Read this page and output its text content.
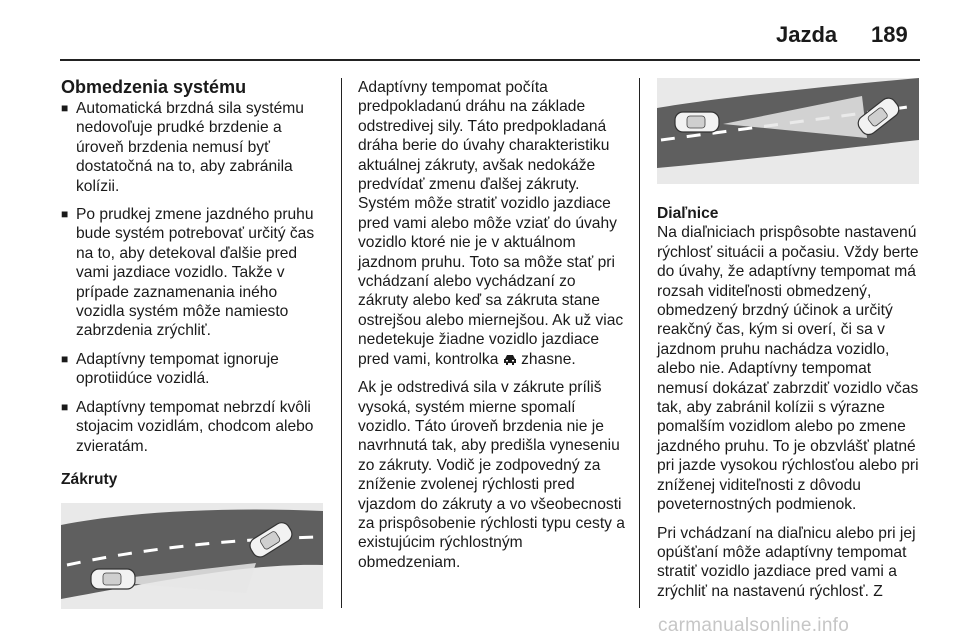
Jazda 189
Obmedzenia systému
■ Automatická brzdná sila systému nedovoľuje prudké brzdenie a úroveň brzdenia nemusí byť dostatočná na to, aby zabránila kolízii.
■ Po prudkej zmene jazdného pruhu bude systém potrebovať určitý čas na to, aby detekoval ďalšie pred vami jazdiace vozidlo. Takže v prípade zaznamenania iného vozidla systém môže namiesto zabrzdenia zrýchliť.
■ Adaptívny tempomat ignoruje oprotiidúce vozidlá.
■ Adaptívny tempomat nebrzdí kvôli stojacim vozidlám, chodcom alebo zvieratám.
Zákruty

Adaptívny tempomat počíta predpokladanú dráhu na základe odstredivej sily. Táto predpokladaná dráha berie do úvahy charakteristiku aktuálnej zákruty, avšak nedokáže predvídať zmenu ďalšej zákruty. Systém môže stratiť vozidlo jazdiace pred vami alebo môže vziať do úvahy vozidlo ktoré nie je v aktuálnom jazdnom pruhu. Toto sa môže stať pri vchádzaní alebo vychádzaní zo zákruty alebo keď sa zákruta stane ostrejšou alebo miernejšou. Ak už viac nedetekuje žiadne vozidlo jazdiace pred vami, kontrolka zhasne.

Ak je odstredivá sila v zákrute príliš vysoká, systém mierne spomalí vozidlo. Táto úroveň brzdenia nie je navrhnutá tak, aby predišla vyneseniu zo zákruty. Vodič je zodpovedný za zníženie zvolenej rýchlosti pred vjazdom do zákruty a vo všeobecnosti za prispôsobenie rýchlosti typu cesty a existujúcim rýchlostným obmedzeniam.

Diaľnice

Na diaľniciach prispôsobte nastavenú rýchlosť situácii a počasiu. Vždy berte do úvahy, že adaptívny tempomat má rozsah viditeľnosti obmedzený, obmedzený brzdný účinok a určitý reakčný čas, kým si overí, či sa v jazdnom pruhu nachádza vozidlo, alebo nie. Adaptívny tempomat nemusí dokázať zabrzdiť vozidlo včas tak, aby zabránil kolízii s výrazne pomalším vozidlom alebo po zmene jazdného pruhu. To je obzvlášť platné pri jazde vysokou rýchlosťou alebo pri zníženej viditeľnosti z dôvodu poveternostných podmienok.

Pri vchádzaní na diaľnicu alebo pri jej opúšťaní môže adaptívny tempomat stratiť vozidlo jazdiace pred vami a zrýchliť na nastavenú rýchlosť. Z

carmanualsonline.info
